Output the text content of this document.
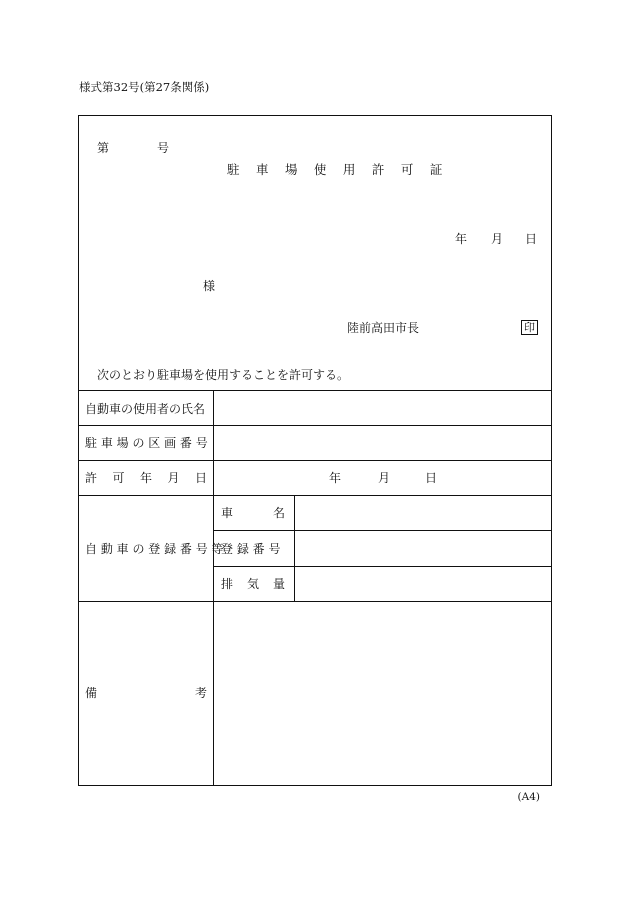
様式第32号(第27条関係)
第	号
駐 車 場 使 用 許 可 証
年 月 日
様
陸前高田市長	印
次のとおり駐車場を使用することを許可する。
自動車の使用者の氏名
駐 車 場 の 区 画 番 号
許 可 年 月 日	年	月	日
自 動 車 の 登 録 番 号 等
車	名
登 録 番 号
排 気 量
備	考
(A4)
